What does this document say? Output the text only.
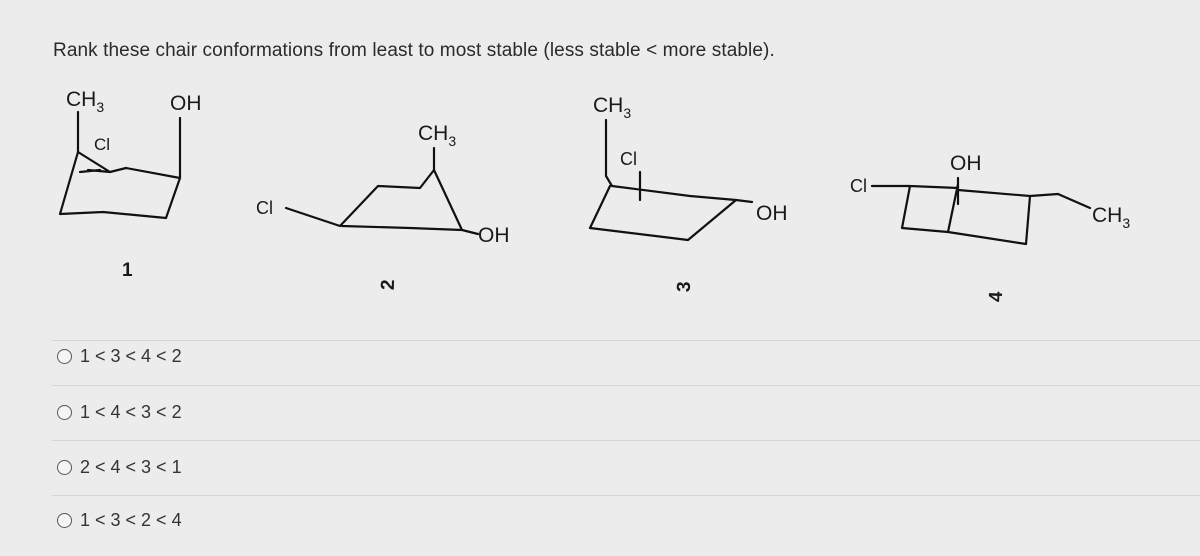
Rank these chair conformations from least to most stable (less stable < more stable).
$CH_3$	OH
Cl
1
$CH_3$
Cl
OH
2
$CH_3$
Cl
OH
3
OH
Cl
$CH_3$
4
1 < 3 < 4 < 2
1 < 4 < 3 < 2
2 < 4 < 3 < 1
1 < 3 < 2 < 4
